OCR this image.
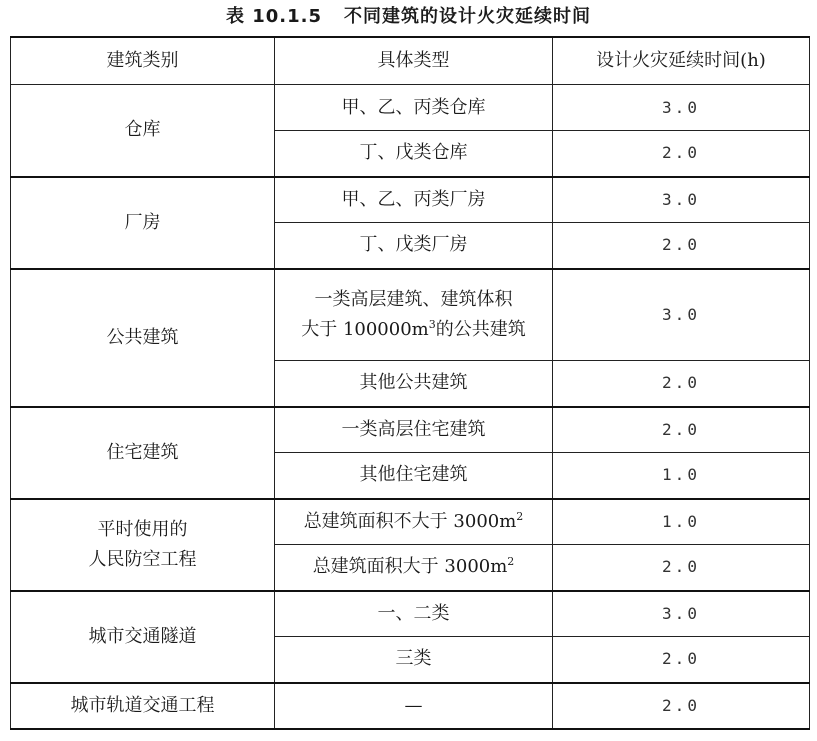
表 10.1.5 不同建筑的设计火灾延续时间
建筑类别	具体类型	设计火灾延续时间(h)
仓库	甲、乙、丙类仓库	3.0
	丁、戊类仓库	2.0
厂房	甲、乙、丙类厂房	3.0
	丁、戊类厂房	2.0
公共建筑	一类高层建筑、建筑体积
大于 $100000m^3$的公共建筑	3.0
	其他公共建筑	2.0
住宅建筑	一类高层住宅建筑	2.0
	其他住宅建筑	1.0

平时使用的
人民防空工程	总建筑面积不大于 $3000m^2$	1.0
	总建筑面积大于 $3000m^2$	2.0
城市交通隧道	一、二类	3.0
	三类	2.0
城市轨道交通工程	—	2.0
